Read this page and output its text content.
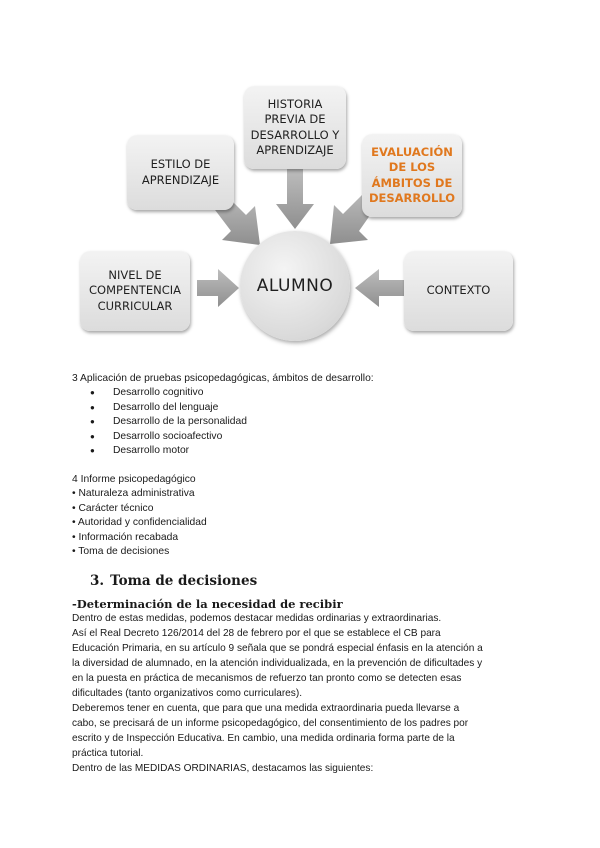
HISTORIA
PREVIA DE
DESARROLLO Y
APRENDIZAJE
ESTILO DE
APRENDIZAJE
EVALUACIÓN
DE LOS
ÁMBITOS DE
DESARROLLO
NIVEL DE
COMPENTENCIA
CURRICULAR
CONTEXTO
ALUMNO
3 Aplicación de pruebas psicopedagógicas, ámbitos de desarrollo:
● Desarrollo cognitivo
● Desarrollo del lenguaje
● Desarrollo de la personalidad
● Desarrollo socioafectivo
● Desarrollo motor
4 Informe psicopedagógico
• Naturaleza administrativa
• Carácter técnico
• Autoridad y confidencialidad
• Información recabada
• Toma de decisiones
3. Toma de decisiones
-Determinación de la necesidad de recibir
Dentro de estas medidas, podemos destacar medidas ordinarias y extraordinarias.
Así el Real Decreto 126/2014 del 28 de febrero por el que se establece el CB para
Educación Primaria, en su artículo 9 señala que se pondrá especial énfasis en la atención a
la diversidad de alumnado, en la atención individualizada, en la prevención de dificultades y
en la puesta en práctica de mecanismos de refuerzo tan pronto como se detecten esas
dificultades (tanto organizativos como curriculares).
Deberemos tener en cuenta, que para que una medida extraordinaria pueda llevarse a
cabo, se precisará de un informe psicopedagógico, del consentimiento de los padres por
escrito y de Inspección Educativa. En cambio, una medida ordinaria forma parte de la
práctica tutorial.
Dentro de las MEDIDAS ORDINARIAS, destacamos las siguientes:
